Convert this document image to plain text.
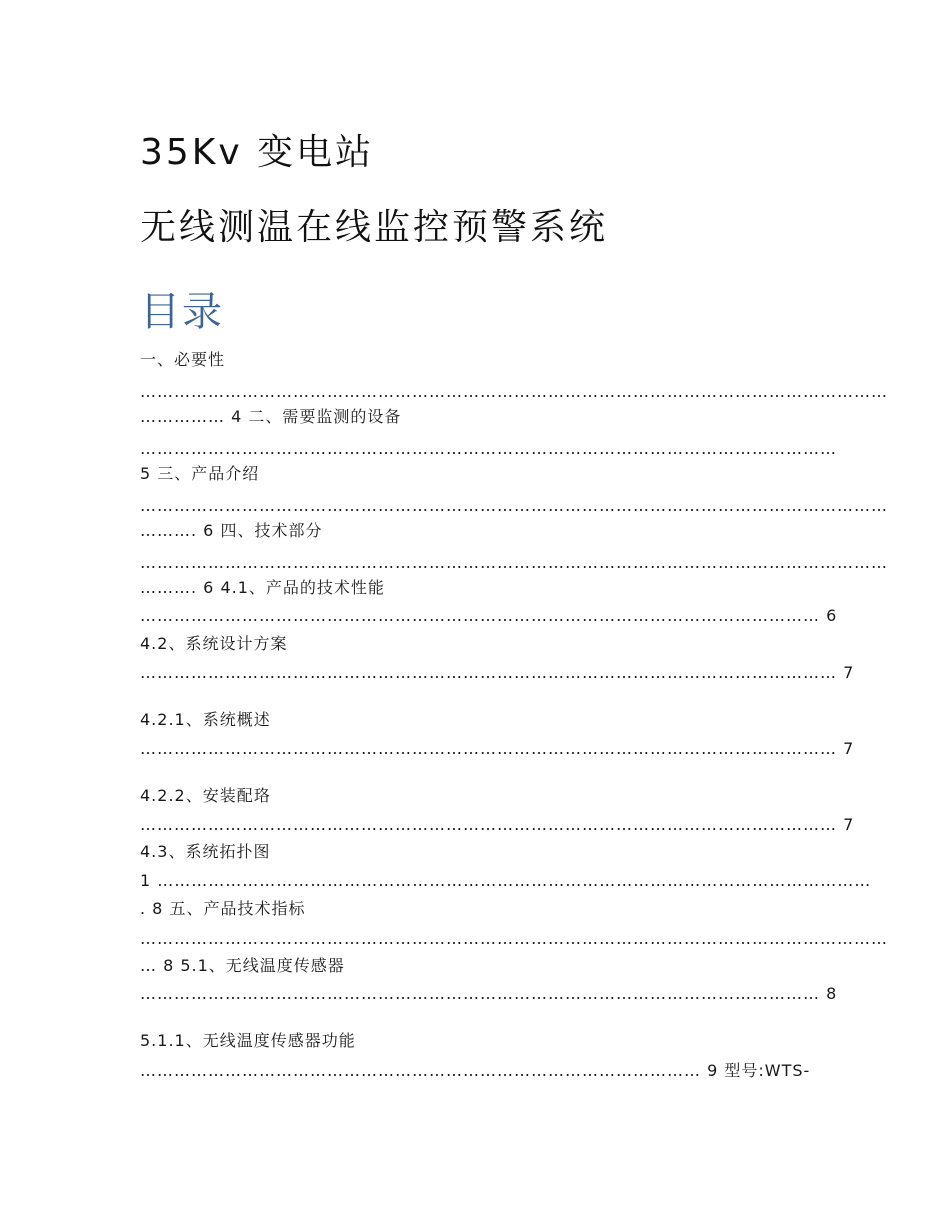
35Kv 变电站
无线测温在线监控预警系统
目录
一、必要性
……………………………………………………………………………………………………………………
…………… 4 二、需要监测的设备
……………………………………………………………………………………………………………
5 三、产品介绍
……………………………………………………………………………………………………………………
………. 6 四、技术部分
……………………………………………………………………………………………………………………
………. 6 4.1、产品的技术性能
………………………………………………………………………………………………………… 6
4.2、系统设计方案
…………………………………………………………………………………………………………… 7
4.2.1、系统概述
…………………………………………………………………………………………………………… 7
4.2.2、安装配珞
…………………………………………………………………………………………………………… 7
4.3、系统拓扑图
1 ………………………………………………………………………………………………………………
. 8 五、产品技术指标
……………………………………………………………………………………………………………………
… 8 5.1、无线温度传感器
………………………………………………………………………………………………………… 8
5.1.1、无线温度传感器功能
……………………………………………………………………………………… 9 型号:WTS-
